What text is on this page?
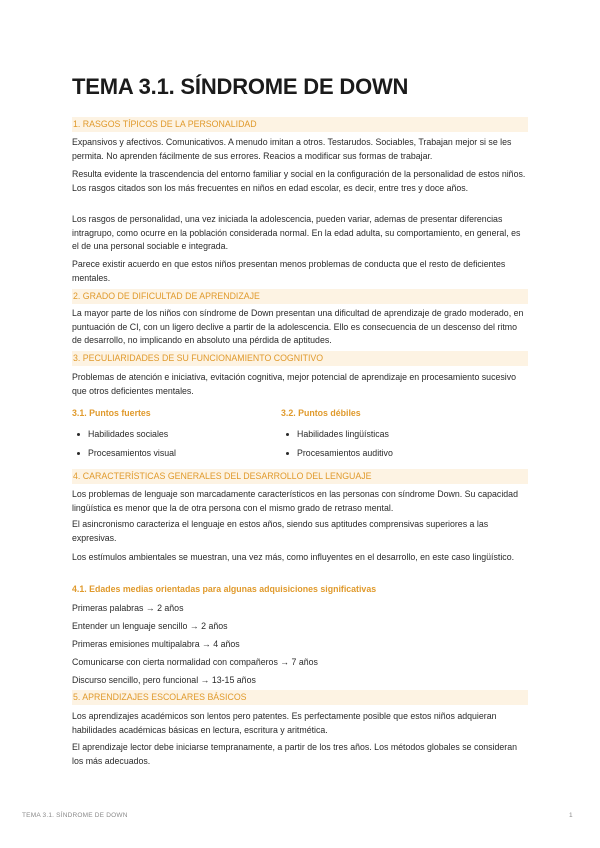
TEMA 3.1. SÍNDROME DE DOWN
1. RASGOS TÍPICOS DE LA PERSONALIDAD

Expansivos y afectivos. Comunicativos. A menudo imitan a otros. Testarudos. Sociables, Trabajan mejor si se les permita. No aprenden fácilmente de sus errores. Reacios a modificar sus formas de trabajar.

Resulta evidente la trascendencia del entorno familiar y social en la configuración de la personalidad de estos niños. Los rasgos citados son los más frecuentes en niños en edad escolar, es decir, entre tres y doce años.

Los rasgos de personalidad, una vez iniciada la adolescencia, pueden variar, ademas de presentar diferencias intragrupo, como ocurre en la población considerada normal. En la edad adulta, su comportamiento, en general, es el de una personal sociable e integrada.

Parece existir acuerdo en que estos niños presentan menos problemas de conducta que el resto de deficientes mentales.

2. GRADO DE DIFICULTAD DE APRENDIZAJE

La mayor parte de los niños con síndrome de Down presentan una dificultad de aprendizaje de grado moderado, en puntuación de CI, con un ligero declive a partir de la adolescencia. Ello es consecuencia de un descenso del ritmo de desarrollo, no implicando en absoluto una pérdida de aptitudes.

3. PECULIARIDADES DE SU FUNCIONAMIENTO COGNITIVO

Problemas de atención e iniciativa, evitación cognitiva, mejor potencial de aprendizaje en procesamiento sucesivo que otros deficientes mentales.

3.1. Puntos fuertes
Habilidades sociales
Procesamientos visual
3.2. Puntos débiles
Habilidades lingüísticas
Procesamientos auditivo
4. CARACTERÍSTICAS GENERALES DEL DESARROLLO DEL LENGUAJE

Los problemas de lenguaje son marcadamente característicos en las personas con síndrome Down. Su capacidad lingüística es menor que la de otra persona con el mismo grado de retraso mental.

El asincronismo caracteriza el lenguaje en estos años, siendo sus aptitudes comprensivas superiores a las expresivas.

Los estímulos ambientales se muestran, una vez más, como influyentes en el desarrollo, en este caso lingüístico.

4.1. Edades medias orientadas para algunas adquisiciones significativas
Primeras palabras → 2 años
Entender un lenguaje sencillo → 2 años
Primeras emisiones multipalabra → 4 años
Comunicarse con cierta normalidad con compañeros → 7 años
Discurso sencillo, pero funcional → 13-15 años
5. APRENDIZAJES ESCOLARES BÁSICOS

Los aprendizajes académicos son lentos pero patentes. Es perfectamente posible que estos niños adquieran habilidades académicas básicas en lectura, escritura y aritmética.

El aprendizaje lector debe iniciarse tempranamente, a partir de los tres años. Los métodos globales se consideran los más adecuados.

TEMA 3.1. SÍNDROME DE DOWN	1
